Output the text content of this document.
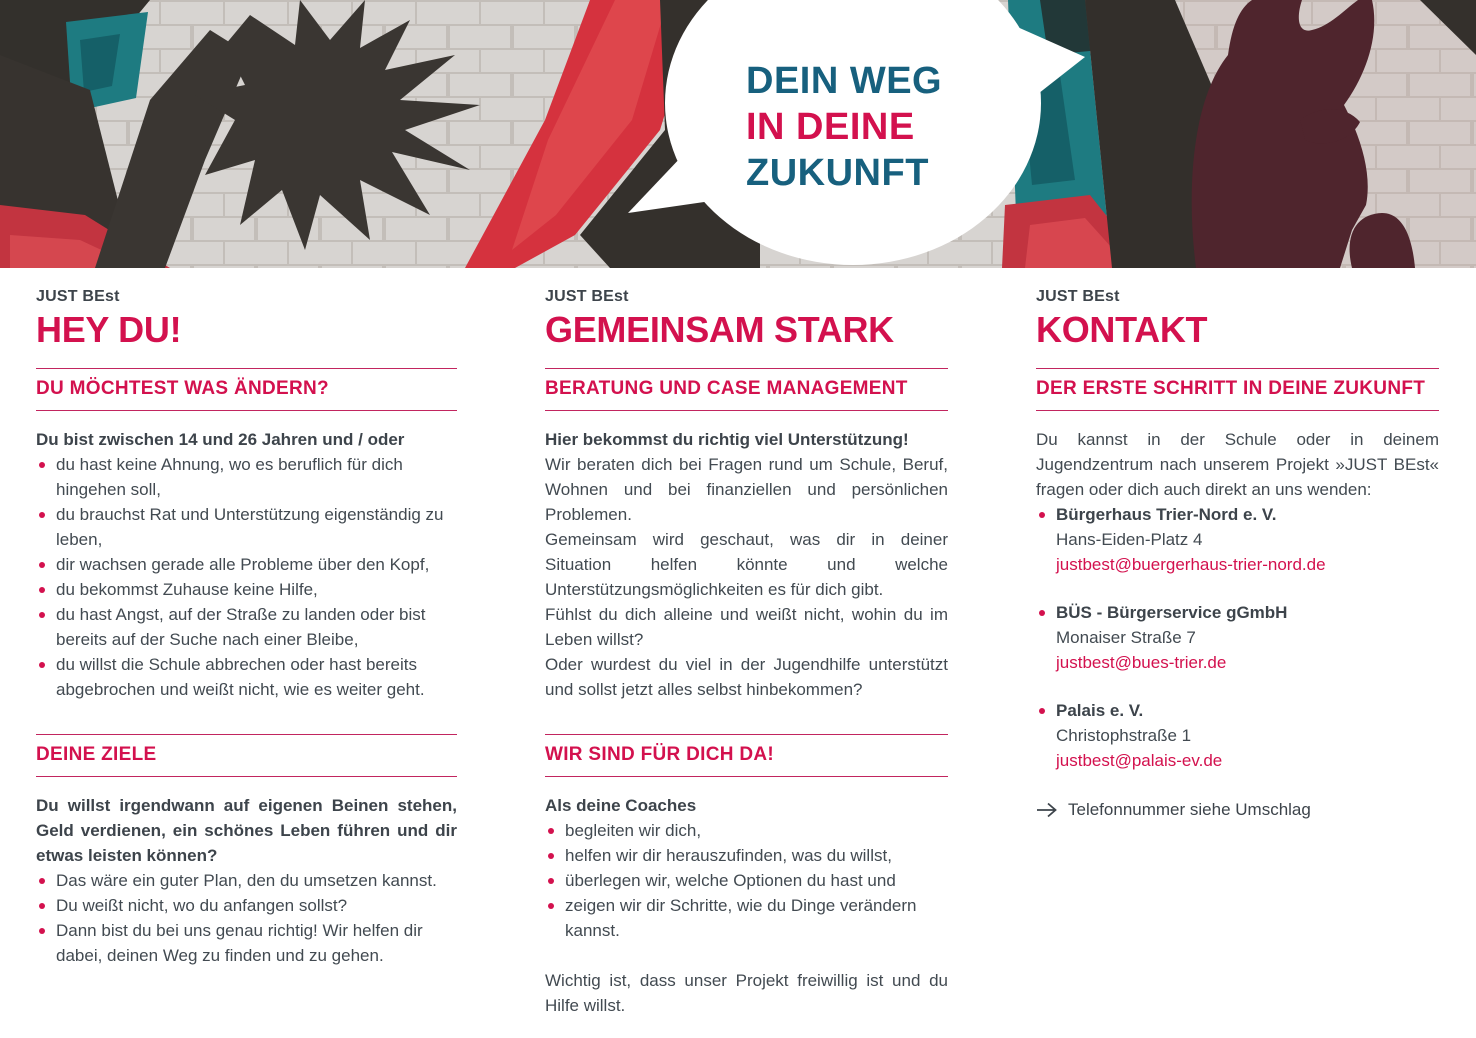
DEIN WEG
IN DEINE
ZUKUNFT
JUST BEst
HEY DU!
DU MÖCHTEST WAS ÄNDERN?

Du bist zwischen 14 und 26 Jahren und / oder

du hast keine Ahnung, wo es beruflich für dich hingehen soll,
du brauchst Rat und Unterstützung eigenständig zu leben,
dir wachsen gerade alle Probleme über den Kopf,
du bekommst Zuhause keine Hilfe,
du hast Angst, auf der Straße zu landen oder bist bereits auf der Suche nach einer Bleibe,
du willst die Schule abbrechen oder hast bereits abgebrochen und weißt nicht, wie es weiter geht.
DEINE ZIELE

Du willst irgendwann auf eigenen Beinen stehen, Geld verdienen, ein schönes Leben führen und dir etwas leisten können?

Das wäre ein guter Plan, den du umsetzen kannst.
Du weißt nicht, wo du anfangen sollst?
Dann bist du bei uns genau richtig! Wir helfen dir dabei, deinen Weg zu finden und zu gehen.
JUST BEst
GEMEINSAM STARK
BERATUNG UND CASE MANAGEMENT

Hier bekommst du richtig viel Unterstützung!

Wir beraten dich bei Fragen rund um Schule, Beruf, Wohnen und bei finanziellen und persönlichen Problemen.

Gemeinsam wird geschaut, was dir in deiner Situation helfen könnte und welche Unterstützungsmöglichkeiten es für dich gibt.

Fühlst du dich alleine und weißt nicht, wohin du im Leben willst?

Oder wurdest du viel in der Jugendhilfe unterstützt und sollst jetzt alles selbst hinbekommen?

WIR SIND FÜR DICH DA!

Als deine Coaches

begleiten wir dich,
helfen wir dir herauszufinden, was du willst,
überlegen wir, welche Optionen du hast und
zeigen wir dir Schritte, wie du Dinge verändern kannst.

Wichtig ist, dass unser Projekt freiwillig ist und du Hilfe willst.

JUST BEst
KONTAKT
DER ERSTE SCHRITT IN DEINE ZUKUNFT

Du kannst in der Schule oder in deinem Jugendzentrum nach unserem Projekt »JUST BEst« fragen oder dich auch direkt an uns wenden:

Bürgerhaus Trier-Nord e. V.
Hans-Eiden-Platz 4
justbest@buergerhaus-trier-nord.de
BÜS - Bürgerservice gGmbH
Monaiser Straße 7
justbest@bues-trier.de
Palais e. V.
Christophstraße 1
justbest@palais-ev.de
Telefonnummer siehe Umschlag
